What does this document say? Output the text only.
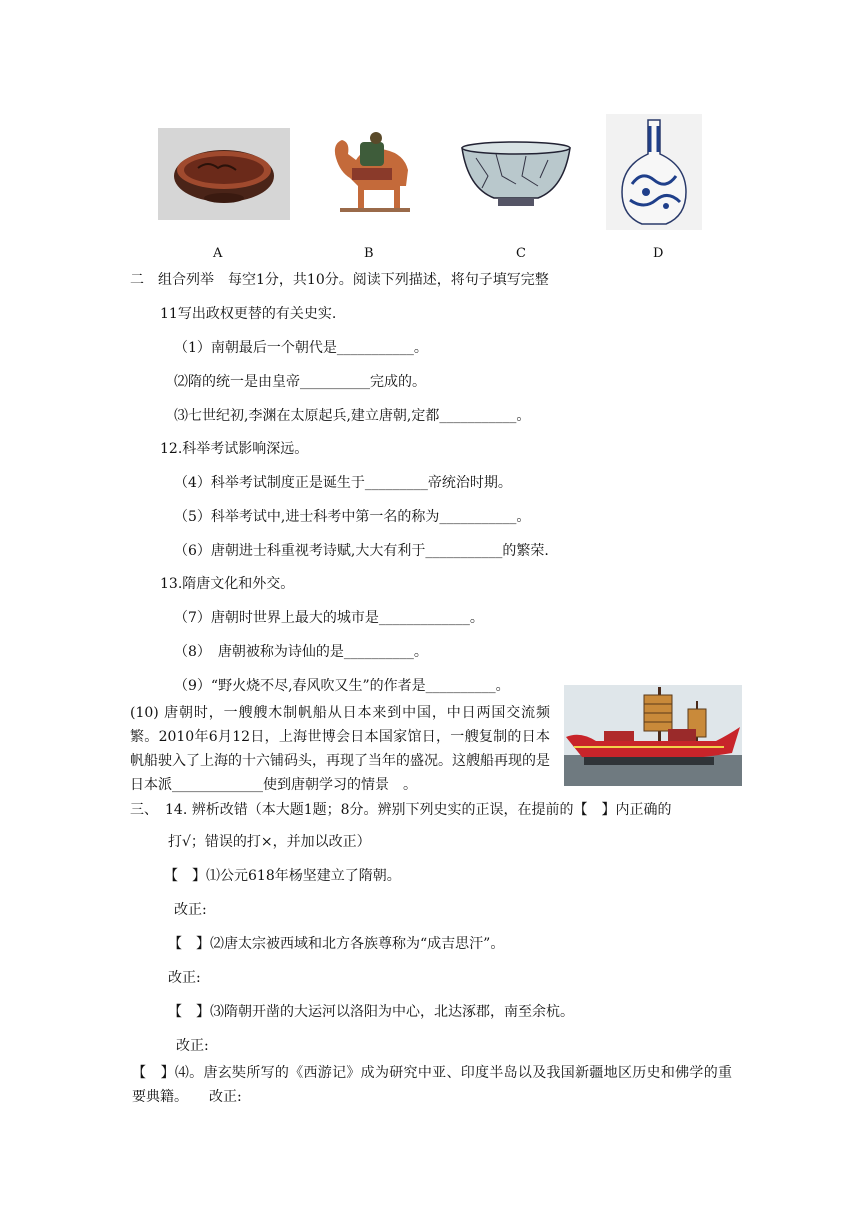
A	B	C	D
二　组合列举　每空1分，共10分。阅读下列描述，将句子填写完整
11写出政权更替的有关史实.
（1）南朝最后一个朝代是___________。
⑵隋的统一是由皇帝__________完成的。
⑶七世纪初,李渊在太原起兵,建立唐朝,定都___________。
12.科举考试影响深远。
（4）科举考试制度正是诞生于_________帝统治时期。
（5）科举考试中,进士科考中第一名的称为___________。
（6）唐朝进士科重视考诗赋,大大有利于___________的繁荣.
13.隋唐文化和外交。
（7）唐朝时世界上最大的城市是_____________。
（8）　唐朝被称为诗仙的是__________。
（9）“野火烧不尽,春风吹又生”的作者是__________。
(10) 唐朝时，一艘艘木制帆船从日本来到中国，中日两国交流频繁。2010年6月12日，上海世博会日本国家馆日，一艘复制的日本帆船驶入了上海的十六铺码头，再现了当年的盛况。这艘船再现的是日本派_____________使到唐朝学习的情景　。
三、　14. 辨析改错（本大题1题；8分。辨别下列史实的正误，在提前的【　】内正确的
打√；错误的打×，并加以改正）
【　】⑴公元618年杨坚建立了隋朝。
改正:
【　】⑵唐太宗被西域和北方各族尊称为“成吉思汗”。
改正:
【　】⑶隋朝开凿的大运河以洛阳为中心，北达涿郡，南至余杭。
改正:
【　】⑷。唐玄奘所写的《西游记》成为研究中亚、印度半岛以及我国新疆地区历史和佛学的重要典籍。　　改正:
